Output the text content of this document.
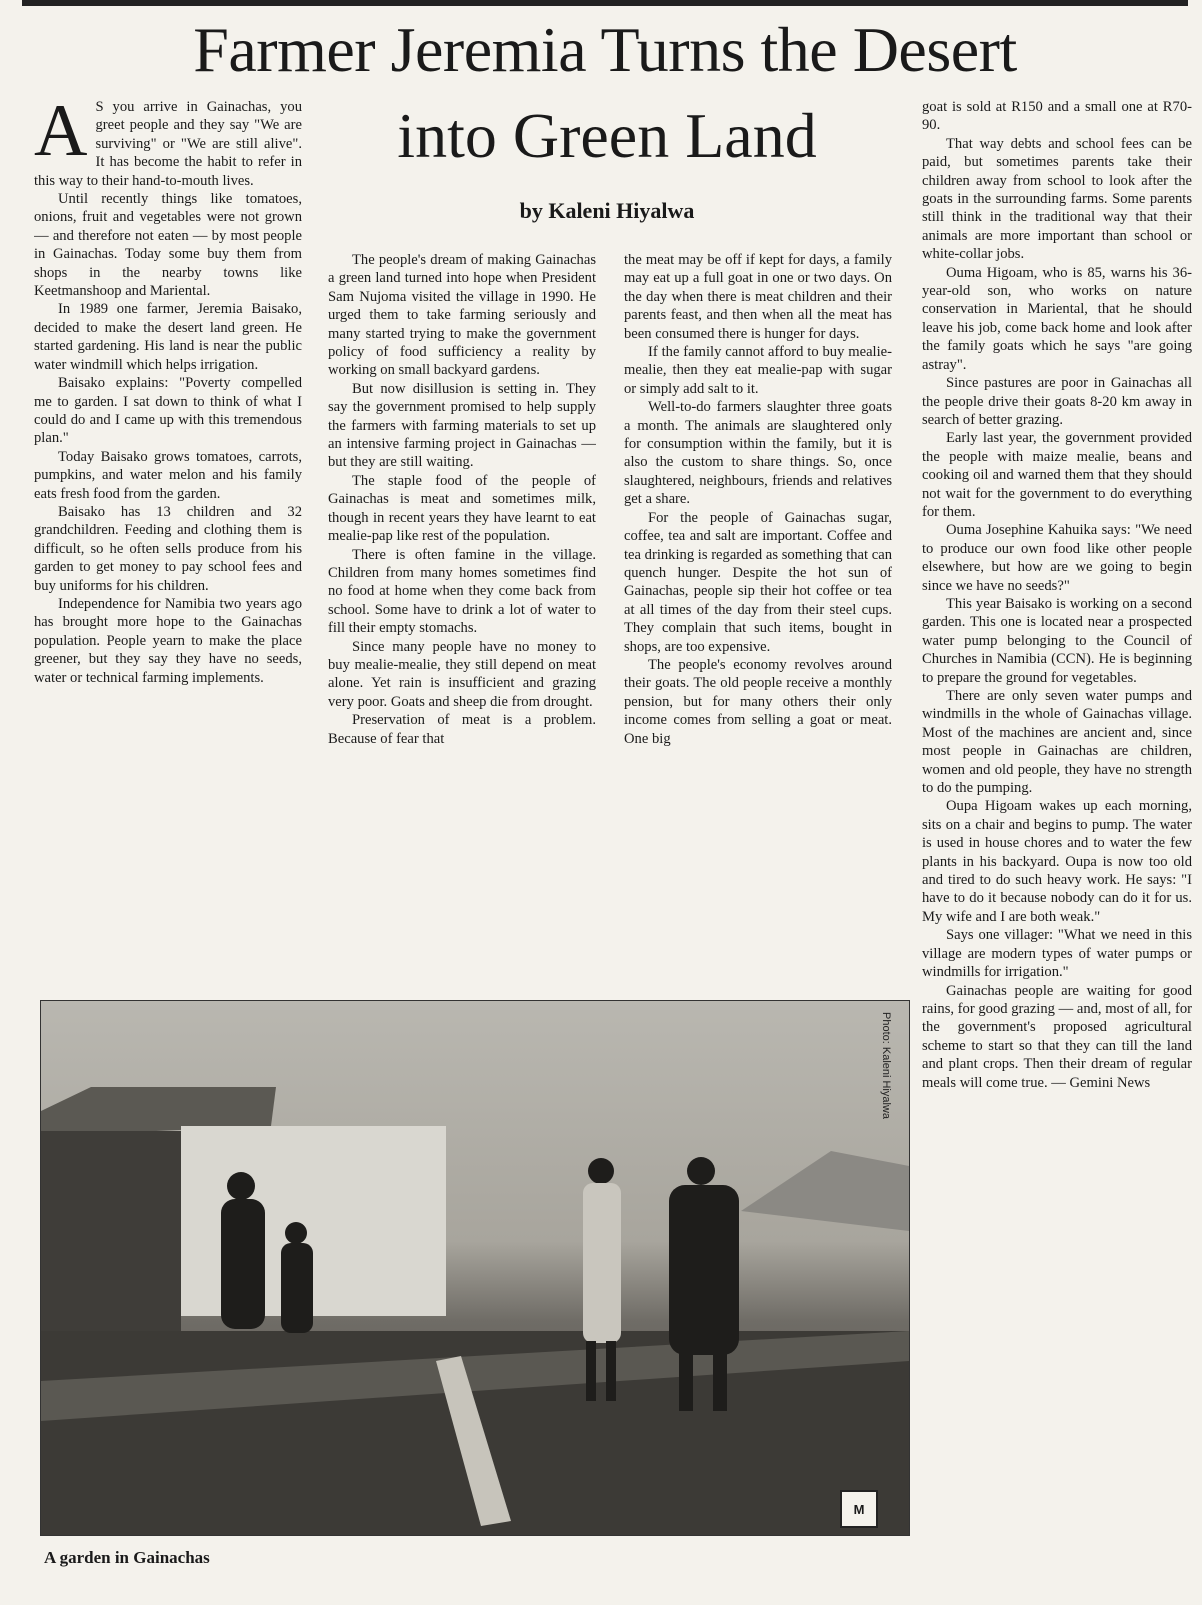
Farmer Jeremia Turns the Desert
into Green Land
by Kaleni Hiyalwa
A S you arrive in Gainachas, you greet people and they say "We are surviving" or "We are still alive". It has become the habit to refer in this way to their hand-to-mouth lives.

Until recently things like tomatoes, onions, fruit and vegetables were not grown — and therefore not eaten — by most people in Gainachas. Today some buy them from shops in the nearby towns like Keetmanshoop and Mariental.

In 1989 one farmer, Jeremia Baisako, decided to make the desert land green. He started gardening. His land is near the public water windmill which helps irrigation.

Baisako explains: "Poverty compelled me to garden. I sat down to think of what I could do and I came up with this tremendous plan."

Today Baisako grows tomatoes, carrots, pumpkins, and water melon and his family eats fresh food from the garden.

Baisako has 13 children and 32 grandchildren. Feeding and clothing them is difficult, so he often sells produce from his garden to get money to pay school fees and buy uniforms for his children.

Independence for Namibia two years ago has brought more hope to the Gainachas population. People yearn to make the place greener, but they say they have no seeds, water or technical farming implements.

The people's dream of making Gainachas a green land turned into hope when President Sam Nujoma visited the village in 1990. He urged them to take farming seriously and many started trying to make the government policy of food sufficiency a reality by working on small backyard gardens.

But now disillusion is setting in. They say the government promised to help supply the farmers with farming materials to set up an intensive farming project in Gainachas — but they are still waiting.

The staple food of the people of Gainachas is meat and sometimes milk, though in recent years they have learnt to eat mealie-pap like rest of the population.

There is often famine in the village. Children from many homes sometimes find no food at home when they come back from school. Some have to drink a lot of water to fill their empty stomachs.

Since many people have no money to buy mealie-mealie, they still depend on meat alone. Yet rain is insufficient and grazing very poor. Goats and sheep die from drought.

Preservation of meat is a problem. Because of fear that

the meat may be off if kept for days, a family may eat up a full goat in one or two days. On the day when there is meat children and their parents feast, and then when all the meat has been consumed there is hunger for days.

If the family cannot afford to buy mealie-mealie, then they eat mealie-pap with sugar or simply add salt to it.

Well-to-do farmers slaughter three goats a month. The animals are slaughtered only for consumption within the family, but it is also the custom to share things. So, once slaughtered, neighbours, friends and relatives get a share.

For the people of Gainachas sugar, coffee, tea and salt are important. Coffee and tea drinking is regarded as something that can quench hunger. Despite the hot sun of Gainachas, people sip their hot coffee or tea at all times of the day from their steel cups. They complain that such items, bought in shops, are too expensive.

The people's economy revolves around their goats. The old people receive a monthly pension, but for many others their only income comes from selling a goat or meat. One big

goat is sold at R150 and a small one at R70-90.

That way debts and school fees can be paid, but sometimes parents take their children away from school to look after the goats in the surrounding farms. Some parents still think in the traditional way that their animals are more important than school or white-collar jobs.

Ouma Higoam, who is 85, warns his 36-year-old son, who works on nature conservation in Mariental, that he should leave his job, come back home and look after the family goats which he says "are going astray".

Since pastures are poor in Gainachas all the people drive their goats 8-20 km away in search of better grazing.

Early last year, the government provided the people with maize mealie, beans and cooking oil and warned them that they should not wait for the government to do everything for them.

Ouma Josephine Kahuika says: "We need to produce our own food like other people elsewhere, but how are we going to begin since we have no seeds?"

This year Baisako is working on a second garden. This one is located near a prospected water pump belonging to the Council of Churches in Namibia (CCN). He is beginning to prepare the ground for vegetables.

There are only seven water pumps and windmills in the whole of Gainachas village. Most of the machines are ancient and, since most people in Gainachas are children, women and old people, they have no strength to do the pumping.

Oupa Higoam wakes up each morning, sits on a chair and begins to pump. The water is used in house chores and to water the few plants in his backyard. Oupa is now too old and tired to do such heavy work. He says: "I have to do it because nobody can do it for us. My wife and I are both weak."

Says one villager: "What we need in this village are modern types of water pumps or windmills for irrigation."

Gainachas people are waiting for good rains, for good grazing — and, most of all, for the government's proposed agricultural scheme to start so that they can till the land and plant crops. Then their dream of regular meals will come true. — Gemini News

Photo: Kaleni Hiyalwa
M
A garden in Gainachas
